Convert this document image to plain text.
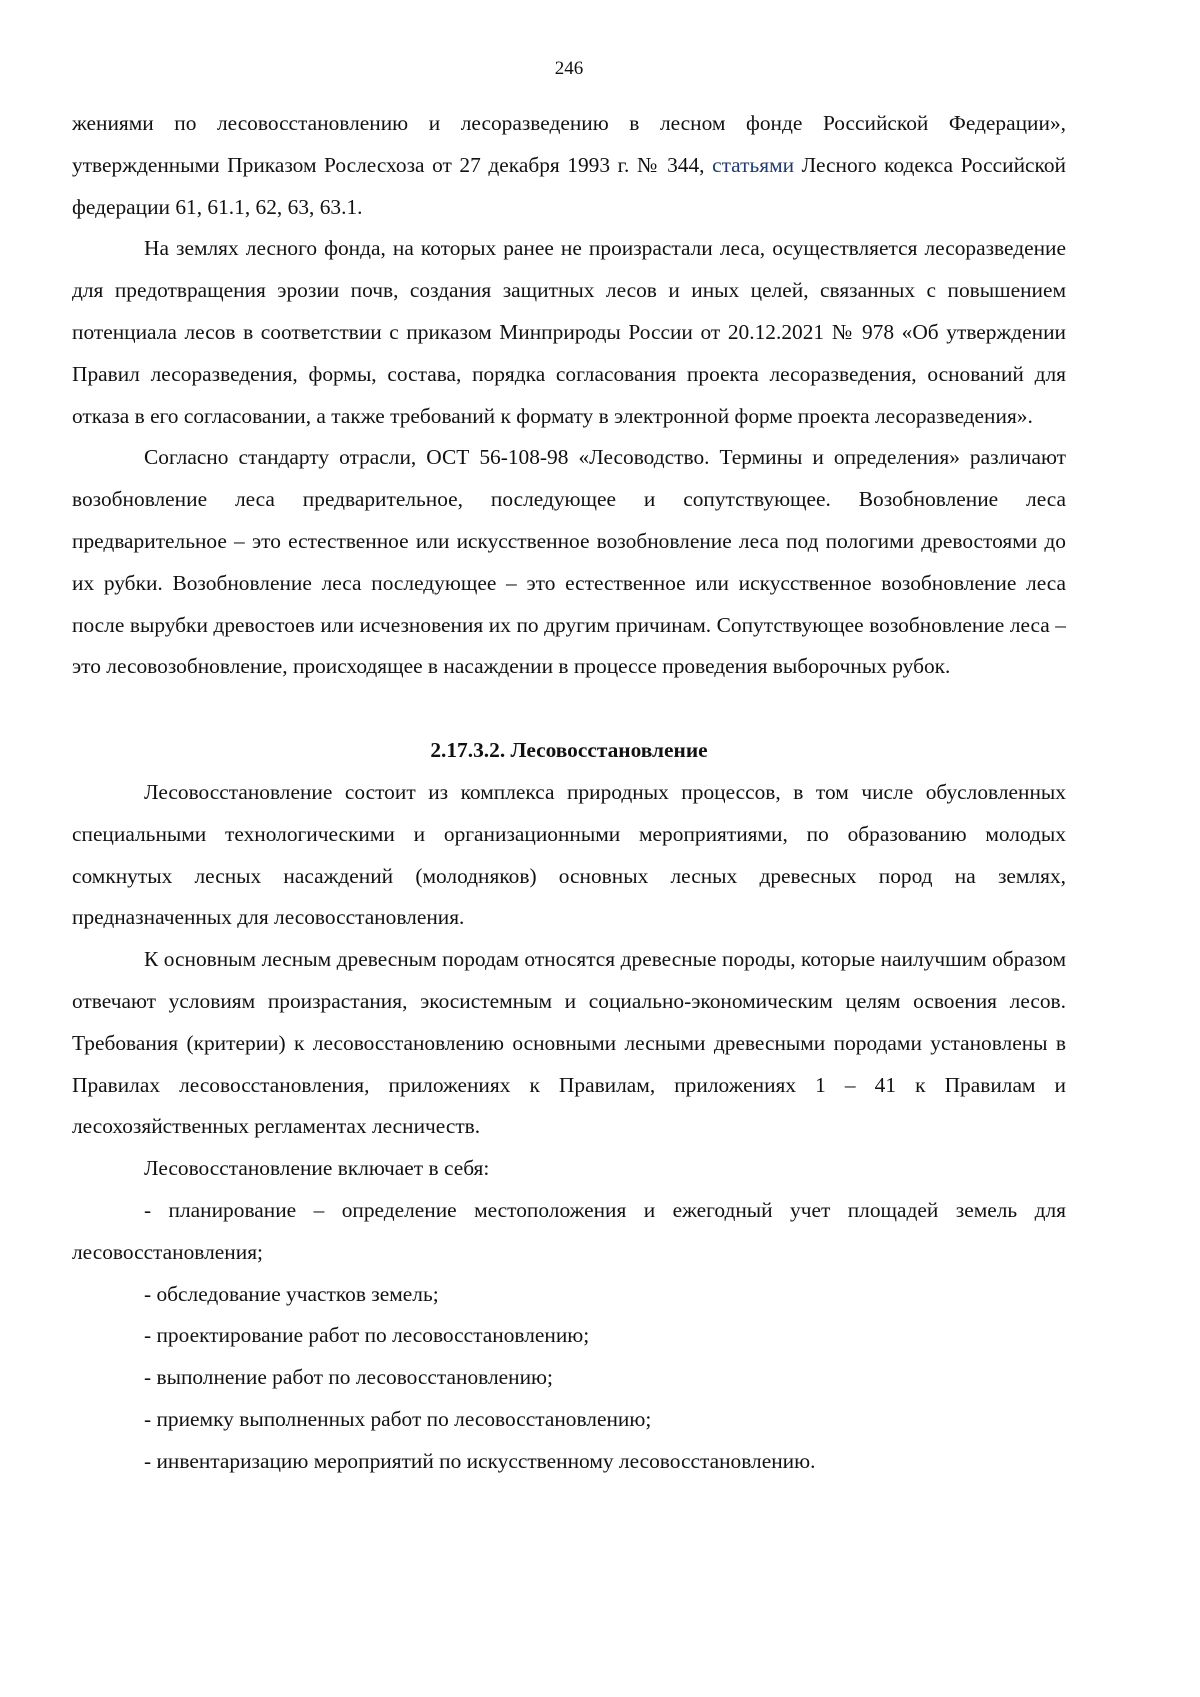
246

жениями по лесовосстановлению и лесоразведению в лесном фонде Российской Федерации», утвержденными Приказом Рослесхоза от 27 декабря 1993 г. № 344, статьями Лесного кодекса Российской федерации 61, 61.1, 62, 63, 63.1.

На землях лесного фонда, на которых ранее не произрастали леса, осуществляется лесоразведение для предотвращения эрозии почв, создания защитных лесов и иных целей, связанных с повышением потенциала лесов в соответствии с приказом Минприроды России от 20.12.2021 № 978 «Об утверждении Правил лесоразведения, формы, состава, порядка согласования проекта лесоразведения, оснований для отказа в его согласовании, а также требований к формату в электронной форме проекта лесоразведения».

Согласно стандарту отрасли, ОСТ 56-108-98 «Лесоводство. Термины и определения» различают возобновление леса предварительное, последующее и сопутствующее. Возобновление леса предварительное – это естественное или искусственное возобновление леса под пологими древостоями до их рубки. Возобновление леса последующее – это естественное или искусственное возобновление леса после вырубки древостоев или исчезновения их по другим причинам. Сопутствующее возобновление леса – это лесовозобновление, происходящее в насаждении в процессе проведения выборочных рубок.

2.17.3.2. Лесовосстановление

Лесовосстановление состоит из комплекса природных процессов, в том числе обусловленных специальными технологическими и организационными мероприятиями, по образованию молодых сомкнутых лесных насаждений (молодняков) основных лесных древесных пород на землях, предназначенных для лесовосстановления.

К основным лесным древесным породам относятся древесные породы, которые наилучшим образом отвечают условиям произрастания, экосистемным и социально-экономическим целям освоения лесов. Требования (критерии) к лесовосстановлению основными лесными древесными породами установлены в Правилах лесовосстановления, приложениях к Правилам, приложениях 1 – 41 к Правилам и лесохозяйственных регламентах лесничеств.

Лесовосстановление включает в себя:

- планирование – определение местоположения и ежегодный учет площадей земель для лесовосстановления;

- обследование участков земель;

- проектирование работ по лесовосстановлению;

- выполнение работ по лесовосстановлению;

- приемку выполненных работ по лесовосстановлению;

- инвентаризацию мероприятий по искусственному лесовосстановлению.
